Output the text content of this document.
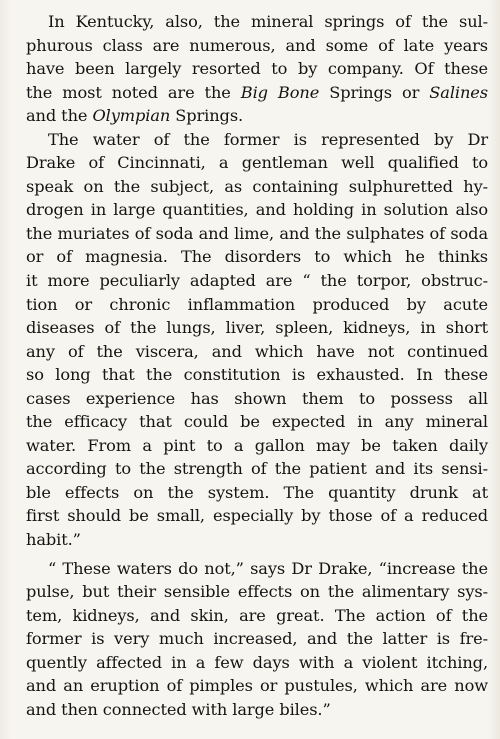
In Kentucky, also, the mineral springs of the sul-
phurous class are numerous, and some of late years
have been largely resorted to by company. Of these
the most noted are the Big Bone Springs or Salines
and the Olympian Springs.
The water of the former is represented by Dr
Drake of Cincinnati, a gentleman well qualified to
speak on the subject, as containing sulphuretted hy-
drogen in large quantities, and holding in solution also
the muriates of soda and lime, and the sulphates of soda
or of magnesia. The disorders to which he thinks
it more peculiarly adapted are “ the torpor, obstruc-
tion or chronic inflammation produced by acute
diseases of the lungs, liver, spleen, kidneys, in short
any of the viscera, and which have not continued
so long that the constitution is exhausted. In these
cases experience has shown them to possess all
the efficacy that could be expected in any mineral
water. From a pint to a gallon may be taken daily
according to the strength of the patient and its sensi-
ble effects on the system. The quantity drunk at
first should be small, especially by those of a reduced
habit.”
“ These waters do not,” says Dr Drake, “increase the
pulse, but their sensible effects on the alimentary sys-
tem, kidneys, and skin, are great. The action of the
former is very much increased, and the latter is fre-
quently affected in a few days with a violent itching,
and an eruption of pimples or pustules, which are now
and then connected with large biles.”
